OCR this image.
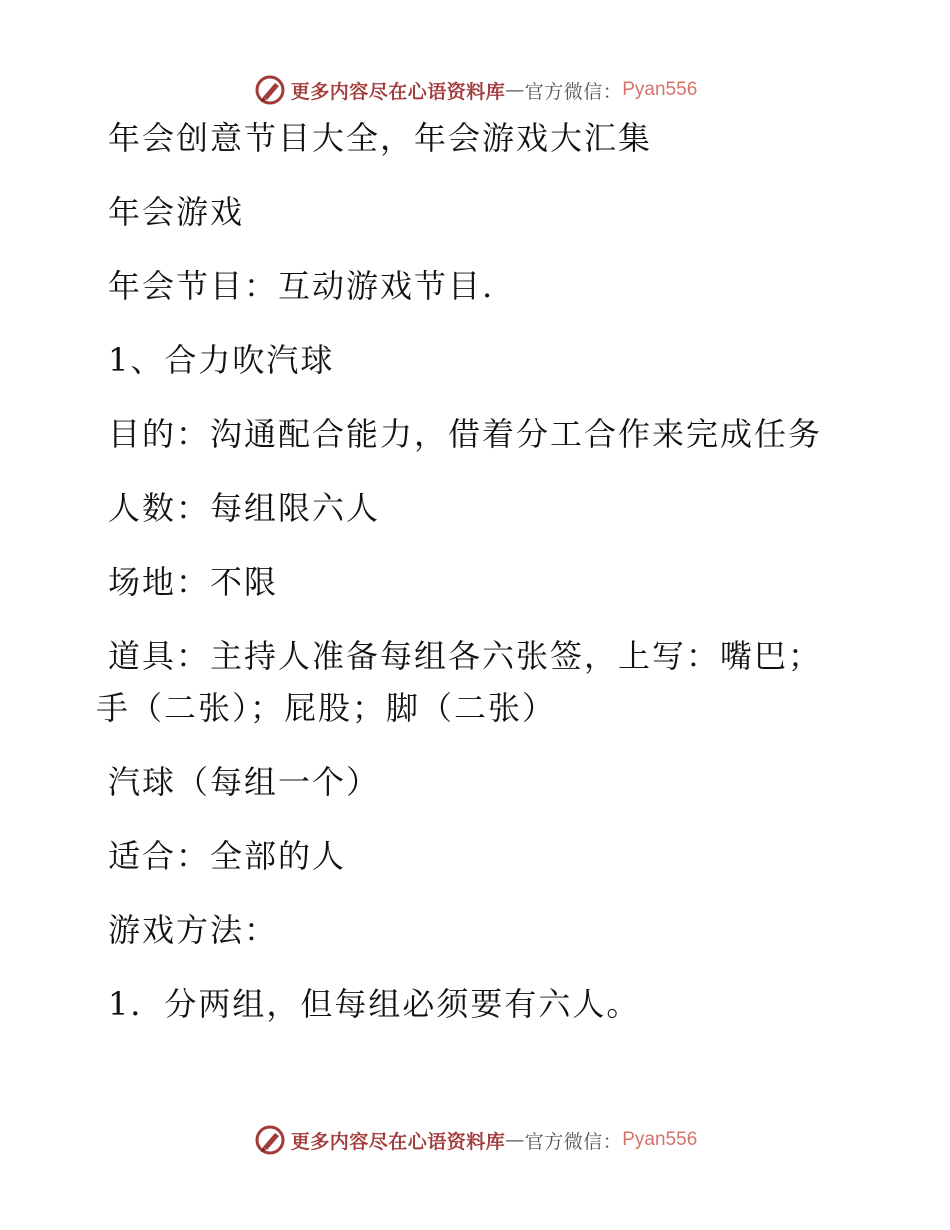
更多内容尽在心语资料库 — 官方微信： Pyan556
年会创意节目大全，年会游戏大汇集
年会游戏
年会节目：互动游戏节目.
1、合力吹汽球
目的：沟通配合能力，借着分工合作来完成任务
人数：每组限六人
场地：不限
道具：主持人准备每组各六张签，上写：嘴巴；
手（二张）；屁股；脚（二张）
汽球（每组一个）
适合：全部的人
游戏方法：
1．分两组，但每组必须要有六人。
更多内容尽在心语资料库 — 官方微信： Pyan556
